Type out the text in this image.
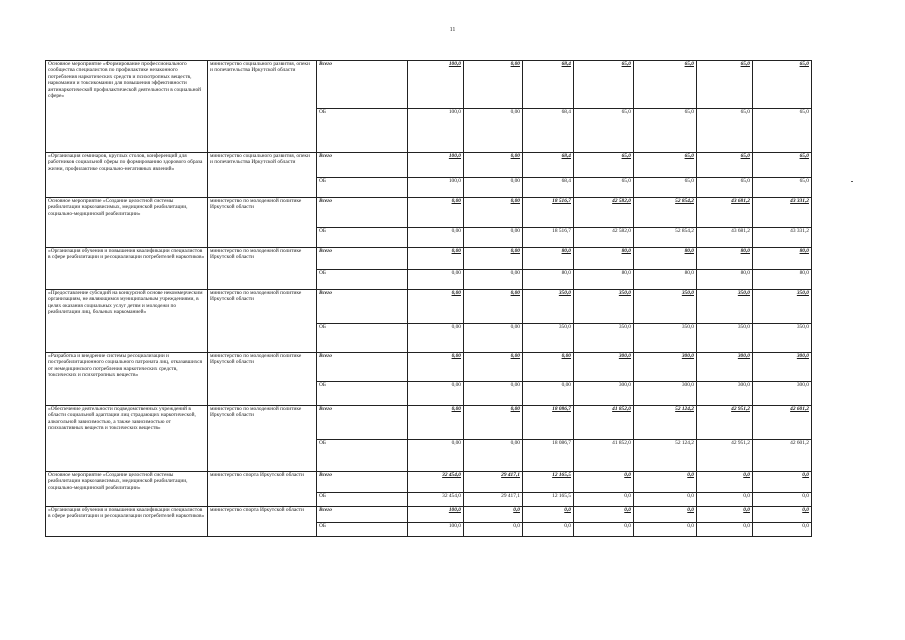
11
Основное мероприятие «Формирование профессионального сообщества специалистов по профилактике незаконного потребления наркотических средств и психотропных веществ, наркомании и токсикомании для повышения эффективности антинаркотической профилактической деятельности в социальной сфере»	министерство социального развития, опеки и попечительства Иркутской области	Всего	100,0	0,00	68,4	65,0	65,0	65,0	65,0
		ОБ	100,0	0,00	68,4	65,0	65,0	65,0	65,0
«Организация семинаров, круглых столов, конференций для работников социальной сферы по формированию здорового образа жизни, профилактике социально-негативных явлений»	министерство социального развития, опеки и попечительства Иркутской области	Всего	100,0	0,00	68,4	65,0	65,0	65,0	65,0
		ОБ	100,0	0,00	68,4	65,0	65,0	65,0	65,0
Основное мероприятие «Создание целостной системы реабилитации наркозависимых, медицинской реабилитации, социально-медицинской реабилитации»	министерство по молодежной политике Иркутской области	Всего	0,00	0,00	18 516,7	42 582,0	52 854,2	43 681,2	43 331,2
		ОБ	0,00	0,00	18 516,7	42 582,0	52 854,2	43 681,2	43 331,2
«Организация обучения и повышения квалификации специалистов в сфере реабилитации и ресоциализации потребителей наркотиков»	министерство по молодежной политике Иркутской области	Всего	0,00	0,00	80,0	80,0	80,0	80,0	80,0
		ОБ	0,00	0,00	80,0	80,0	80,0	80,0	80,0
«Предоставление субсидий на конкурсной основе некоммерческим организациям, не являющимся муниципальным учреждениями, в целях оказания социальных услуг детям и молодежи по реабилитации лиц, больных наркоманией»	министерство по молодежной политике Иркутской области	Всего	0,00	0,00	350,0	350,0	350,0	350,0	350,0
		ОБ	0,00	0,00	350,0	350,0	350,0	350,0	350,0
«Разработка и внедрение системы ресоциализации и постреабилитационного социального патроната лиц, отказавшихся от немедицинского потребления наркотических средств, токсических и психотропных веществ»	министерство по молодежной политике Иркутской области	Всего	0,00	0,00	0,00	300,0	300,0	300,0	300,0
		ОБ	0,00	0,00	0,00	300,0	300,0	300,0	300,0
«Обеспечение деятельности подведомственных учреждений в области социальной адаптации лиц страдающих наркотической, алкогольной зависимостью, а также зависимостью от психоактивных веществ и токсических веществ»	министерство по молодежной политике Иркутской области	Всего	0,00	0,00	18 086,7	41 852,0	52 124,2	42 951,2	42 601,2
		ОБ	0,00	0,00	18 086,7	41 852,0	52 124,2	42 951,2	42 601,2
Основное мероприятие «Создание целостной системы реабилитации наркозависимых, медицинской реабилитации, социально-медицинской реабилитации»	министерство спорта Иркутской области	Всего	32 454,0	29 417,1	12 165,5	0,0	0,0	0,0	0,0
		ОБ	32 454,0	29 417,1	12 165,5	0,0	0,0	0,0	0,0
«Организация обучения и повышения квалификации специалистов в сфере реабилитации и ресоциализации потребителей наркотиков»	министерство спорта Иркутской области	Всего	100,0	0,0	0,0	0,0	0,0	0,0	0,0
		ОБ	100,0	0,0	0,0	0,0	0,0	0,0	0,0
